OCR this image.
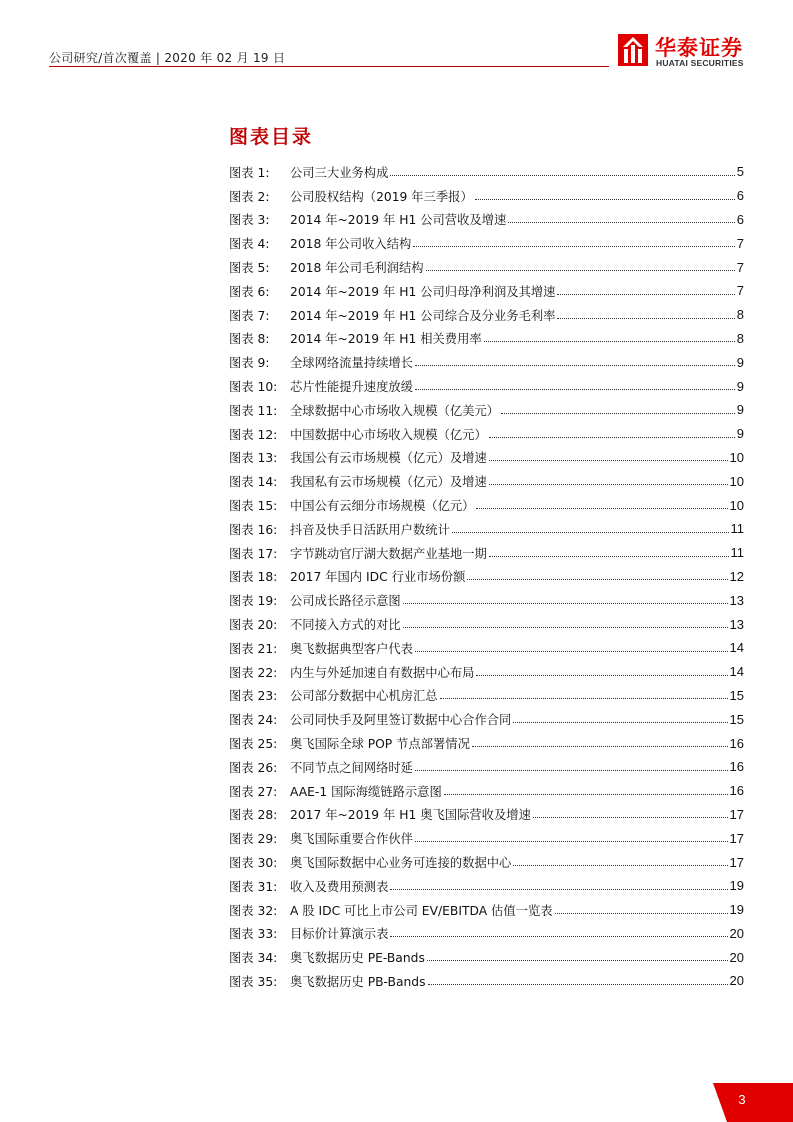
公司研究/首次覆盖 | 2020 年 02 月 19 日	华泰证券
HUATAI SECURITIES
图表目录
图表 1:	公司三大业务构成	5
图表 2:	公司股权结构（2019 年三季报）	6
图表 3:	2014 年~2019 年 H1 公司营收及增速	6
图表 4:	2018 年公司收入结构	7
图表 5:	2018 年公司毛利润结构	7
图表 6:	2014 年~2019 年 H1 公司归母净利润及其增速	7
图表 7:	2014 年~2019 年 H1 公司综合及分业务毛利率	8
图表 8:	2014 年~2019 年 H1 相关费用率	8
图表 9:	全球网络流量持续增长	9
图表 10:	芯片性能提升速度放缓	9
图表 11:	全球数据中心市场收入规模（亿美元）	9
图表 12:	中国数据中心市场收入规模（亿元）	9
图表 13:	我国公有云市场规模（亿元）及增速	10
图表 14:	我国私有云市场规模（亿元）及增速	10
图表 15:	中国公有云细分市场规模（亿元）	10
图表 16:	抖音及快手日活跃用户数统计	11
图表 17:	字节跳动官厅湖大数据产业基地一期	11
图表 18:	2017 年国内 IDC 行业市场份额	12
图表 19:	公司成长路径示意图	13
图表 20:	不同接入方式的对比	13
图表 21:	奥飞数据典型客户代表	14
图表 22:	内生与外延加速自有数据中心布局	14
图表 23:	公司部分数据中心机房汇总	15
图表 24:	公司同快手及阿里签订数据中心合作合同	15
图表 25:	奥飞国际全球 POP 节点部署情况	16
图表 26:	不同节点之间网络时延	16
图表 27:	AAE-1 国际海缆链路示意图	16
图表 28:	2017 年~2019 年 H1 奥飞国际营收及增速	17
图表 29:	奥飞国际重要合作伙伴	17
图表 30:	奥飞国际数据中心业务可连接的数据中心	17
图表 31:	收入及费用预测表	19
图表 32:	A 股 IDC 可比上市公司 EV/EBITDA 估值一览表	19
图表 33:	目标价计算演示表	20
图表 34:	奥飞数据历史 PE-Bands	20
图表 35:	奥飞数据历史 PB-Bands	20
3
